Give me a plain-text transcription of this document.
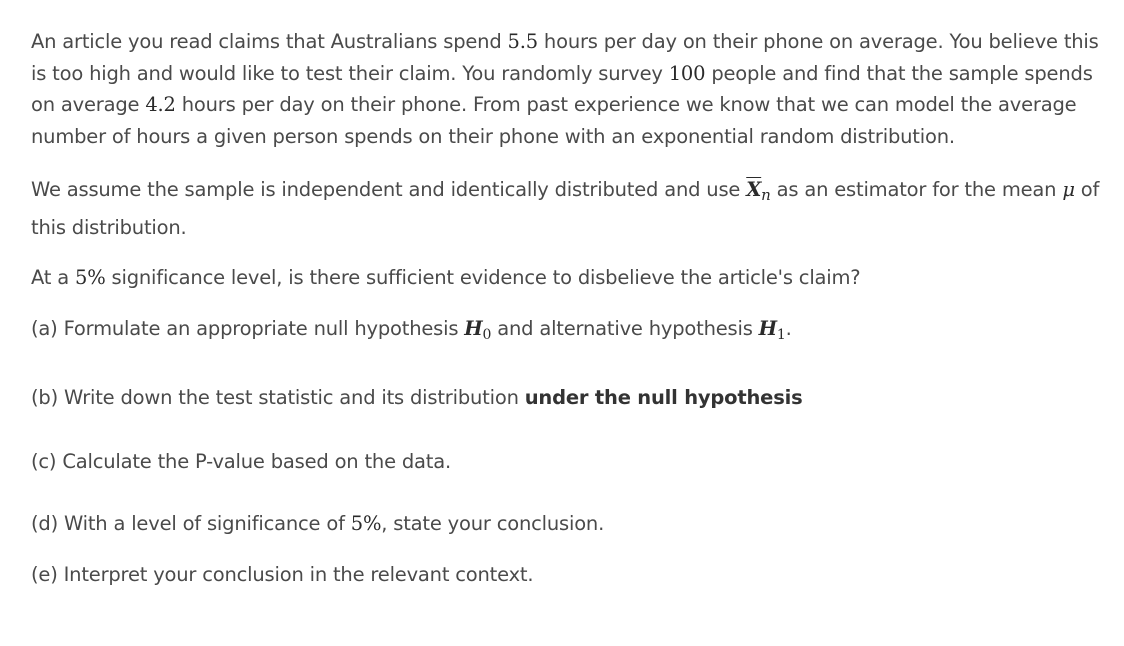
An article you read claims that Australians spend 5.5 hours per day on their phone on average. You believe this is too high and would like to test their claim. You randomly survey 100 people and find that the sample spends on average 4.2 hours per day on their phone. From past experience we know that we can model the average number of hours a given person spends on their phone with an exponential random distribution.

We assume the sample is independent and identically distributed and use $\overline{X}_n$ as an estimator for the mean μ of this distribution.

At a 5% significance level, is there sufficient evidence to disbelieve the article's claim?

(a) Formulate an appropriate null hypothesis $H_0$ and alternative hypothesis $H_1$.

(b) Write down the test statistic and its distribution under the null hypothesis

(c) Calculate the P-value based on the data.

(d) With a level of significance of 5%, state your conclusion.

(e) Interpret your conclusion in the relevant context.
